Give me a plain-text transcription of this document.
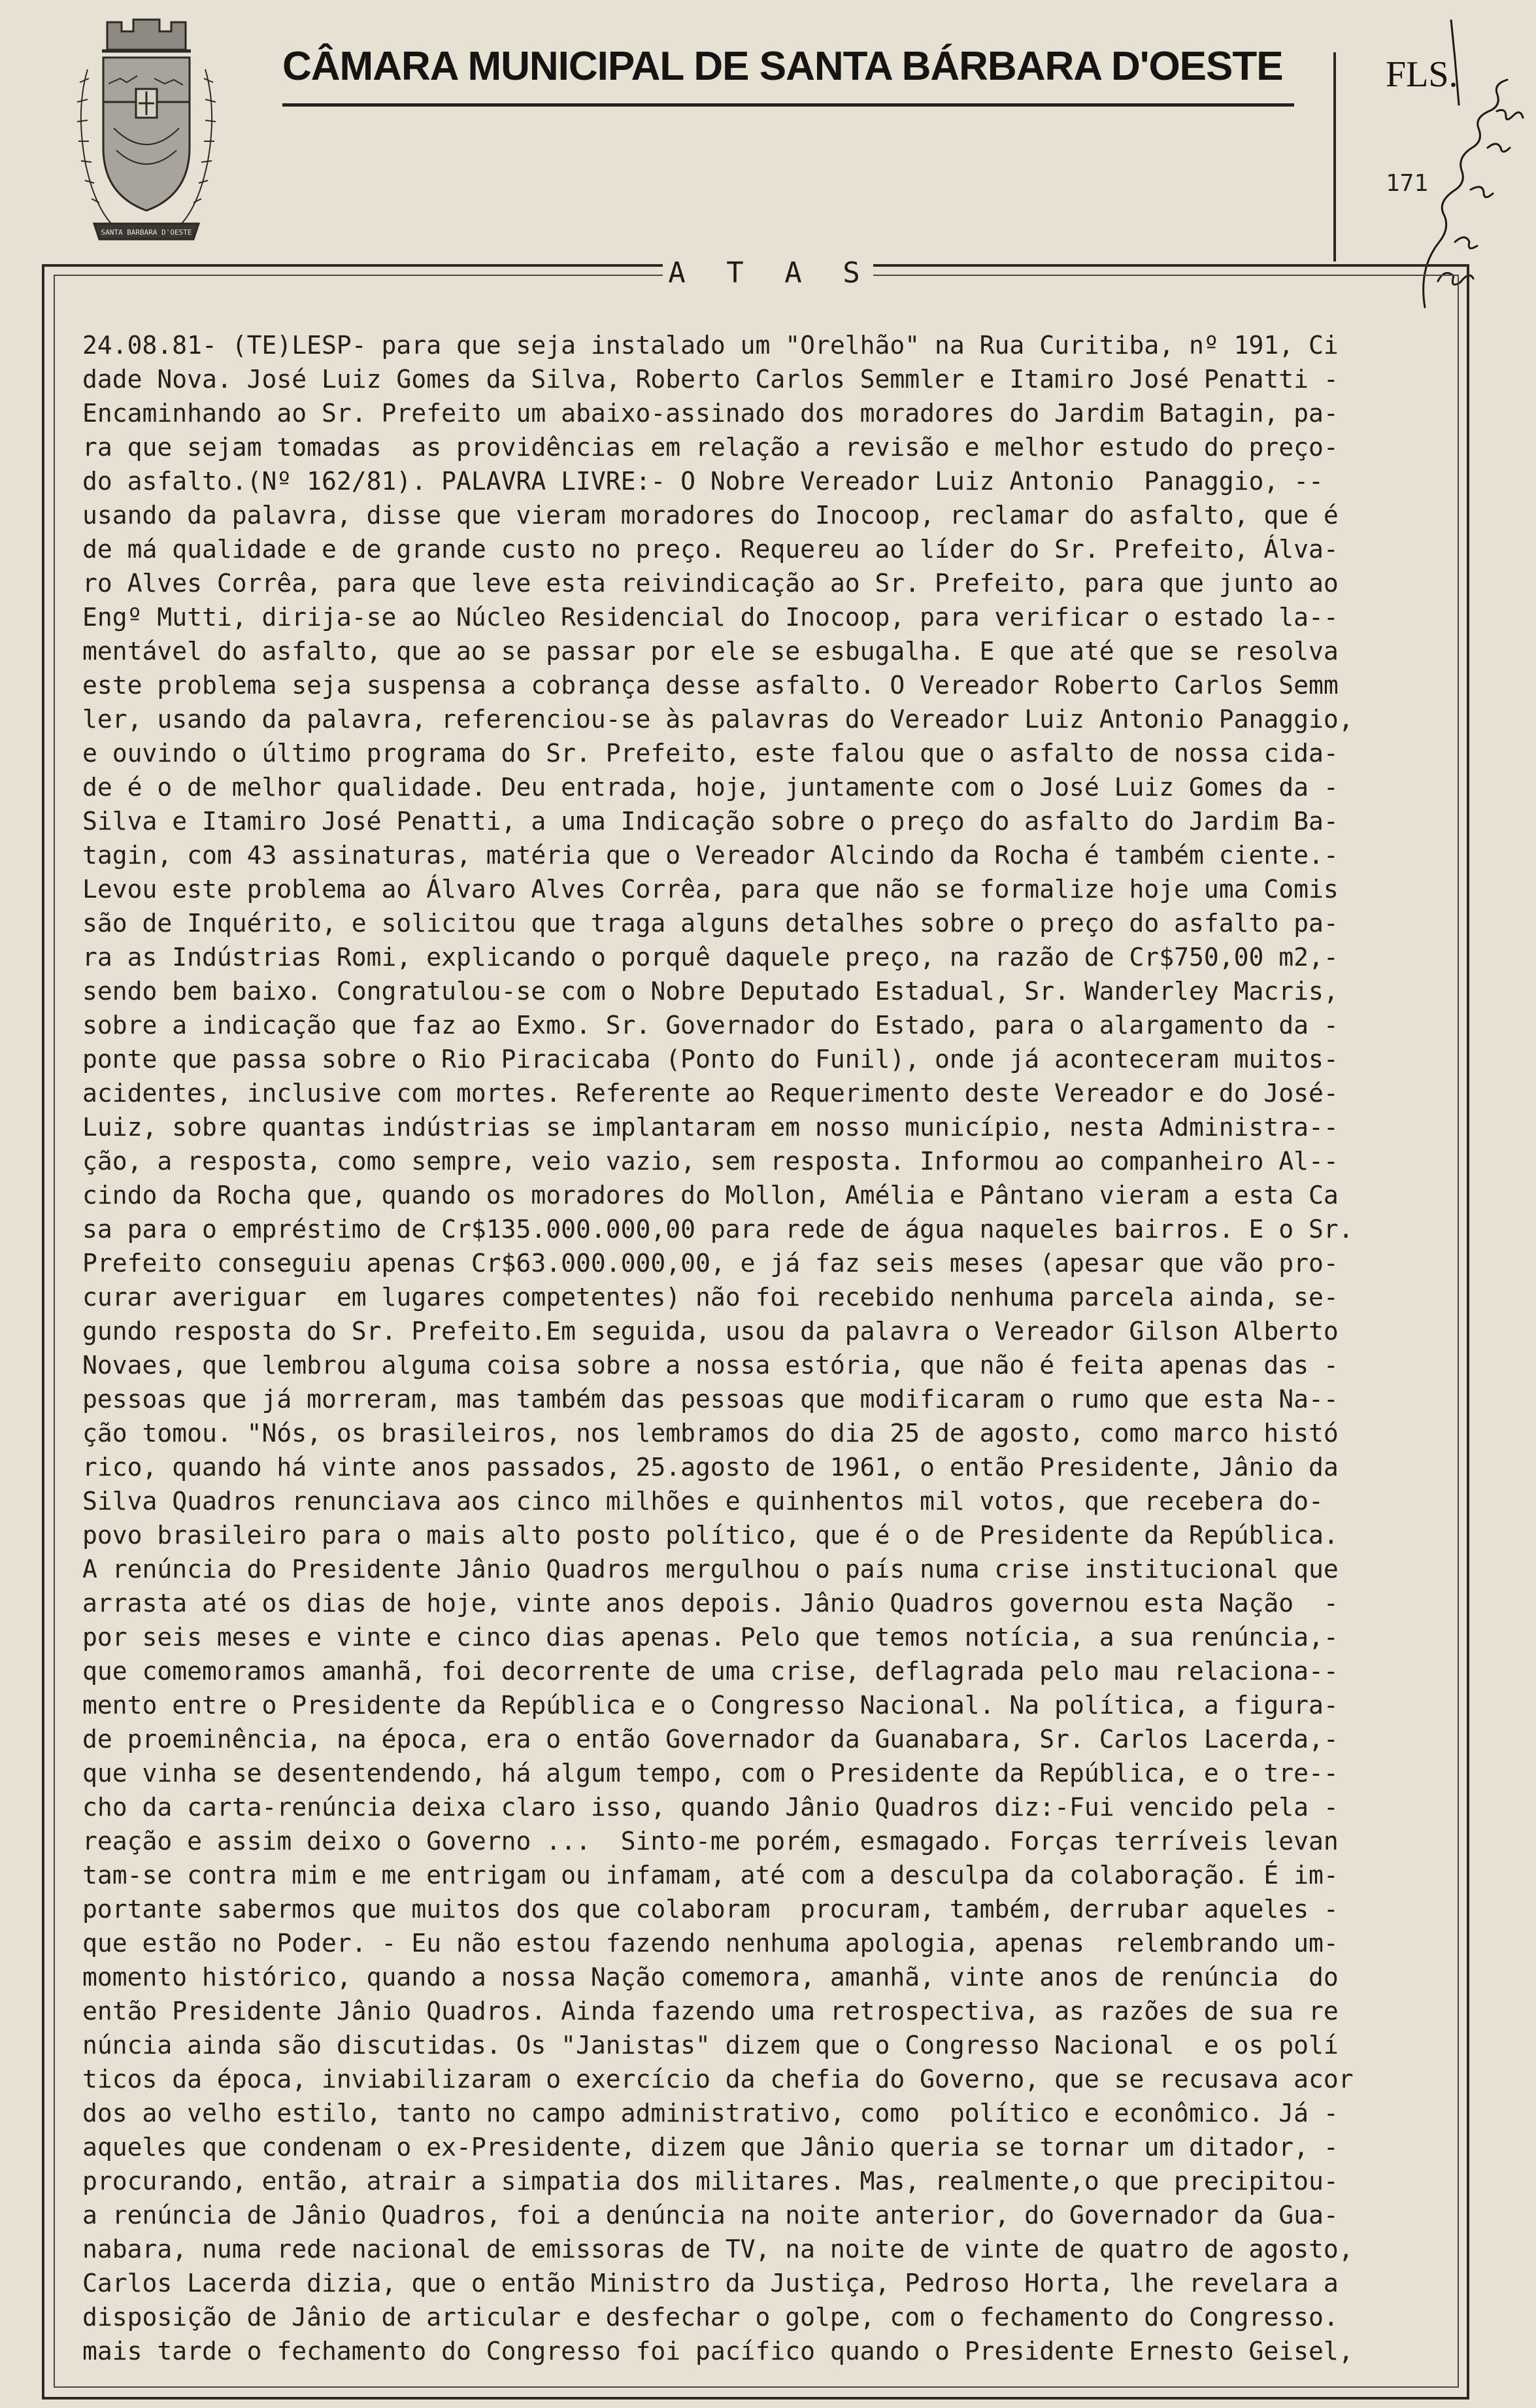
SANTA BARBARA D'OESTE
CÂMARA MUNICIPAL DE SANTA BÁRBARA D'OESTE	FLS.
171
A T A S
24.08.81- (TE)LESP- para que seja instalado um "Orelhão" na Rua Curitiba, nº 191, Ci
dade Nova. José Luiz Gomes da Silva, Roberto Carlos Semmler e Itamiro José Penatti -
Encaminhando ao Sr. Prefeito um abaixo-assinado dos moradores do Jardim Batagin, pa-
ra que sejam tomadas  as providências em relação a revisão e melhor estudo do preço-
do asfalto.(Nº 162/81). PALAVRA LIVRE:- O Nobre Vereador Luiz Antonio  Panaggio, --
usando da palavra, disse que vieram moradores do Inocoop, reclamar do asfalto, que é
de má qualidade e de grande custo no preço. Requereu ao líder do Sr. Prefeito, Álva-
ro Alves Corrêa, para que leve esta reivindicação ao Sr. Prefeito, para que junto ao
Engº Mutti, dirija-se ao Núcleo Residencial do Inocoop, para verificar o estado la--
mentável do asfalto, que ao se passar por ele se esbugalha. E que até que se resolva
este problema seja suspensa a cobrança desse asfalto. O Vereador Roberto Carlos Semm
ler, usando da palavra, referenciou-se às palavras do Vereador Luiz Antonio Panaggio,
e ouvindo o último programa do Sr. Prefeito, este falou que o asfalto de nossa cida-
de é o de melhor qualidade. Deu entrada, hoje, juntamente com o José Luiz Gomes da -
Silva e Itamiro José Penatti, a uma Indicação sobre o preço do asfalto do Jardim Ba-
tagin, com 43 assinaturas, matéria que o Vereador Alcindo da Rocha é também ciente.-
Levou este problema ao Álvaro Alves Corrêa, para que não se formalize hoje uma Comis
são de Inquérito, e solicitou que traga alguns detalhes sobre o preço do asfalto pa-
ra as Indústrias Romi, explicando o porquê daquele preço, na razão de Cr$750,00 m2,-
sendo bem baixo. Congratulou-se com o Nobre Deputado Estadual, Sr. Wanderley Macris,
sobre a indicação que faz ao Exmo. Sr. Governador do Estado, para o alargamento da -
ponte que passa sobre o Rio Piracicaba (Ponto do Funil), onde já aconteceram muitos-
acidentes, inclusive com mortes. Referente ao Requerimento deste Vereador e do José-
Luiz, sobre quantas indústrias se implantaram em nosso município, nesta Administra--
ção, a resposta, como sempre, veio vazio, sem resposta. Informou ao companheiro Al--
cindo da Rocha que, quando os moradores do Mollon, Amélia e Pântano vieram a esta Ca
sa para o empréstimo de Cr$135.000.000,00 para rede de água naqueles bairros. E o Sr.
Prefeito conseguiu apenas Cr$63.000.000,00, e já faz seis meses (apesar que vão pro-
curar averiguar  em lugares competentes) não foi recebido nenhuma parcela ainda, se-
gundo resposta do Sr. Prefeito.Em seguida, usou da palavra o Vereador Gilson Alberto
Novaes, que lembrou alguma coisa sobre a nossa estória, que não é feita apenas das -
pessoas que já morreram, mas também das pessoas que modificaram o rumo que esta Na--
ção tomou. "Nós, os brasileiros, nos lembramos do dia 25 de agosto, como marco histó
rico, quando há vinte anos passados, 25.agosto de 1961, o então Presidente, Jânio da
Silva Quadros renunciava aos cinco milhões e quinhentos mil votos, que recebera do-
povo brasileiro para o mais alto posto político, que é o de Presidente da República.
A renúncia do Presidente Jânio Quadros mergulhou o país numa crise institucional que
arrasta até os dias de hoje, vinte anos depois. Jânio Quadros governou esta Nação  -
por seis meses e vinte e cinco dias apenas. Pelo que temos notícia, a sua renúncia,-
que comemoramos amanhã, foi decorrente de uma crise, deflagrada pelo mau relaciona--
mento entre o Presidente da República e o Congresso Nacional. Na política, a figura-
de proeminência, na época, era o então Governador da Guanabara, Sr. Carlos Lacerda,-
que vinha se desentendendo, há algum tempo, com o Presidente da República, e o tre--
cho da carta-renúncia deixa claro isso, quando Jânio Quadros diz:-Fui vencido pela -
reação e assim deixo o Governo ...  Sinto-me porém, esmagado. Forças terríveis levan
tam-se contra mim e me entrigam ou infamam, até com a desculpa da colaboração. É im-
portante sabermos que muitos dos que colaboram  procuram, também, derrubar aqueles -
que estão no Poder. - Eu não estou fazendo nenhuma apologia, apenas  relembrando um-
momento histórico, quando a nossa Nação comemora, amanhã, vinte anos de renúncia  do
então Presidente Jânio Quadros. Ainda fazendo uma retrospectiva, as razões de sua re
núncia ainda são discutidas. Os "Janistas" dizem que o Congresso Nacional  e os polí
ticos da época, inviabilizaram o exercício da chefia do Governo, que se recusava acor
dos ao velho estilo, tanto no campo administrativo, como  político e econômico. Já -
aqueles que condenam o ex-Presidente, dizem que Jânio queria se tornar um ditador, -
procurando, então, atrair a simpatia dos militares. Mas, realmente,o que precipitou-
a renúncia de Jânio Quadros, foi a denúncia na noite anterior, do Governador da Gua-
nabara, numa rede nacional de emissoras de TV, na noite de vinte de quatro de agosto,
Carlos Lacerda dizia, que o então Ministro da Justiça, Pedroso Horta, lhe revelara a
disposição de Jânio de articular e desfechar o golpe, com o fechamento do Congresso.
mais tarde o fechamento do Congresso foi pacífico quando o Presidente Ernesto Geisel,
